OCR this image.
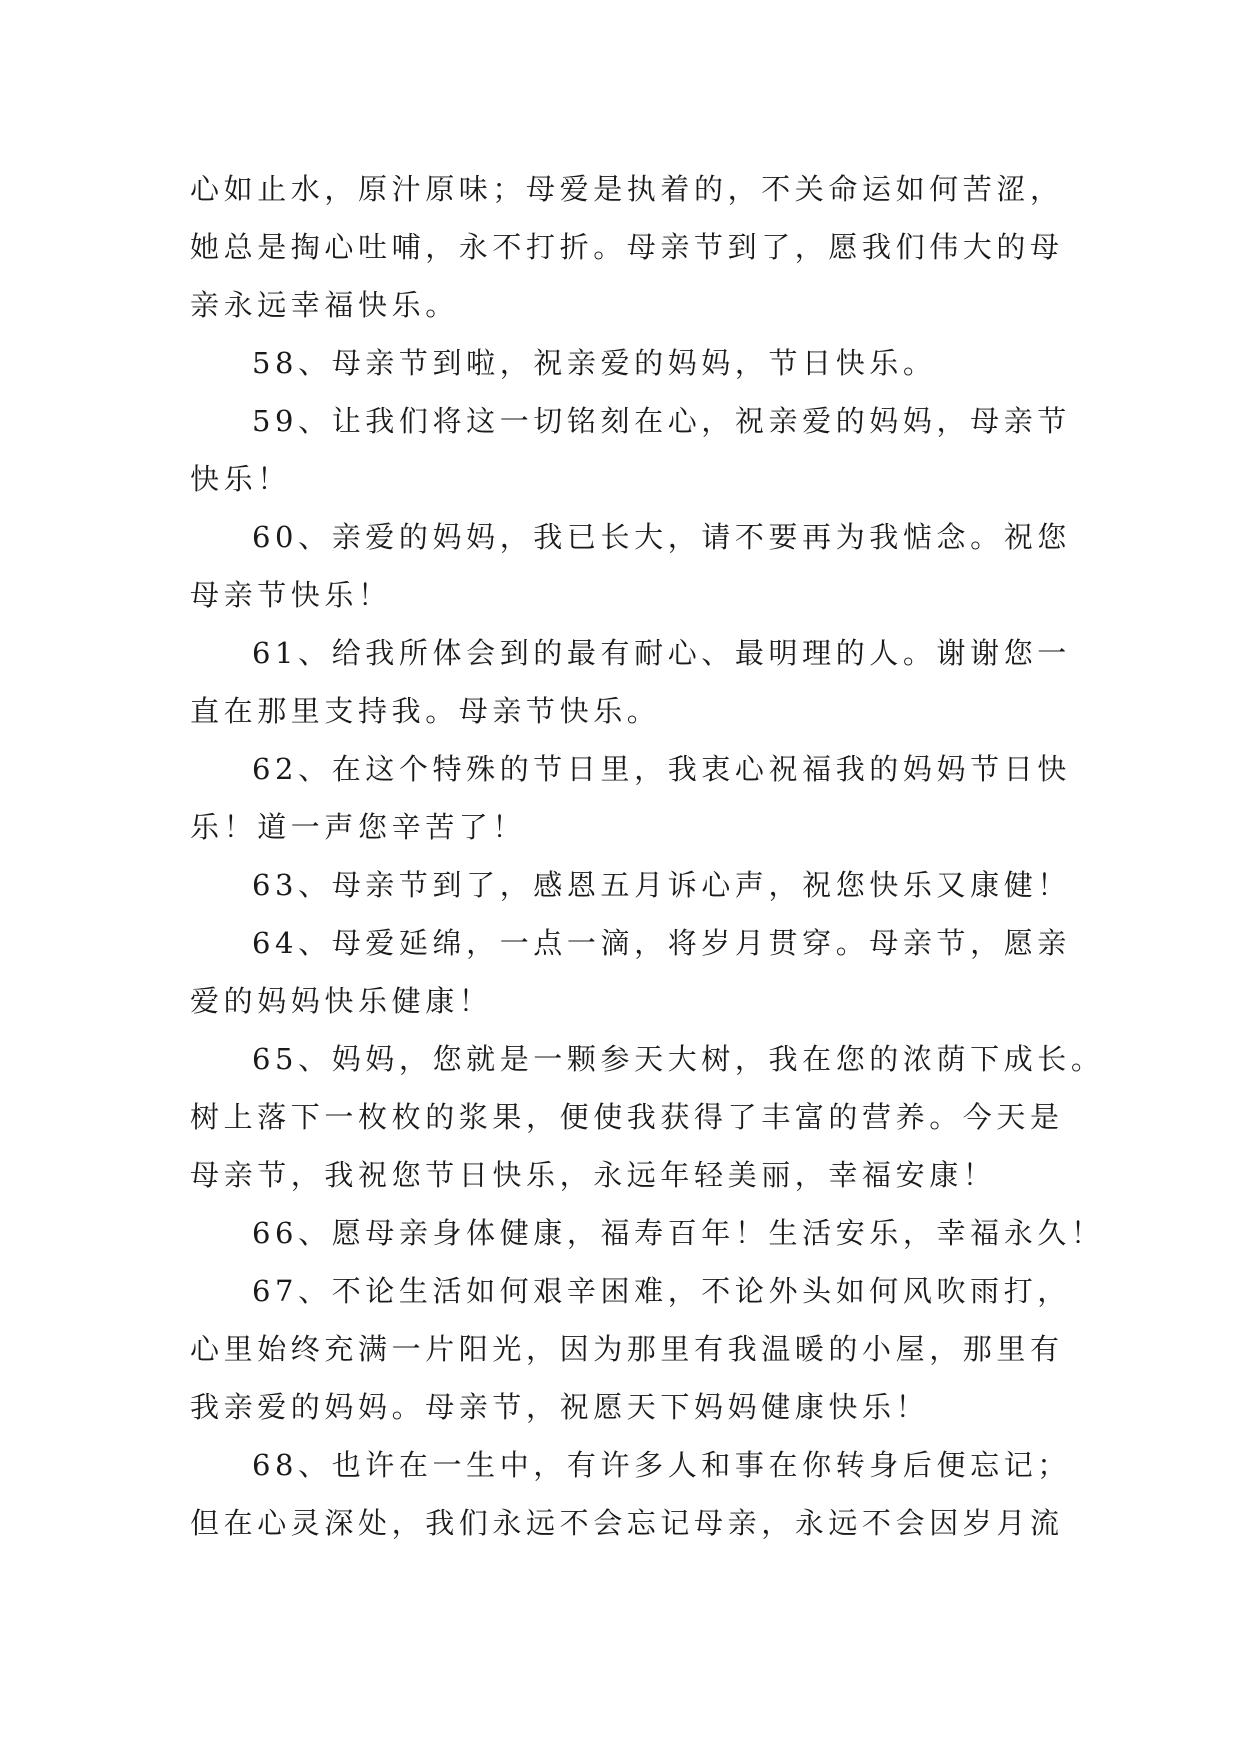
心如止水，原汁原味；母爱是执着的，不关命运如何苦涩，
她总是掏心吐哺，永不打折。母亲节到了，愿我们伟大的母
亲永远幸福快乐。
58、母亲节到啦，祝亲爱的妈妈，节日快乐。
59、让我们将这一切铭刻在心，祝亲爱的妈妈，母亲节
快乐！
60、亲爱的妈妈，我已长大，请不要再为我惦念。祝您
母亲节快乐！
61、给我所体会到的最有耐心、最明理的人。谢谢您一
直在那里支持我。母亲节快乐。
62、在这个特殊的节日里，我衷心祝福我的妈妈节日快
乐！道一声您辛苦了！
63、母亲节到了，感恩五月诉心声，祝您快乐又康健！
64、母爱延绵，一点一滴，将岁月贯穿。母亲节，愿亲
爱的妈妈快乐健康！
65、妈妈，您就是一颗参天大树，我在您的浓荫下成长。
树上落下一枚枚的浆果，便使我获得了丰富的营养。今天是
母亲节，我祝您节日快乐，永远年轻美丽，幸福安康！
66、愿母亲身体健康，福寿百年！生活安乐，幸福永久！
67、不论生活如何艰辛困难，不论外头如何风吹雨打，
心里始终充满一片阳光，因为那里有我温暖的小屋，那里有
我亲爱的妈妈。母亲节，祝愿天下妈妈健康快乐！
68、也许在一生中，有许多人和事在你转身后便忘记；
但在心灵深处，我们永远不会忘记母亲，永远不会因岁月流
